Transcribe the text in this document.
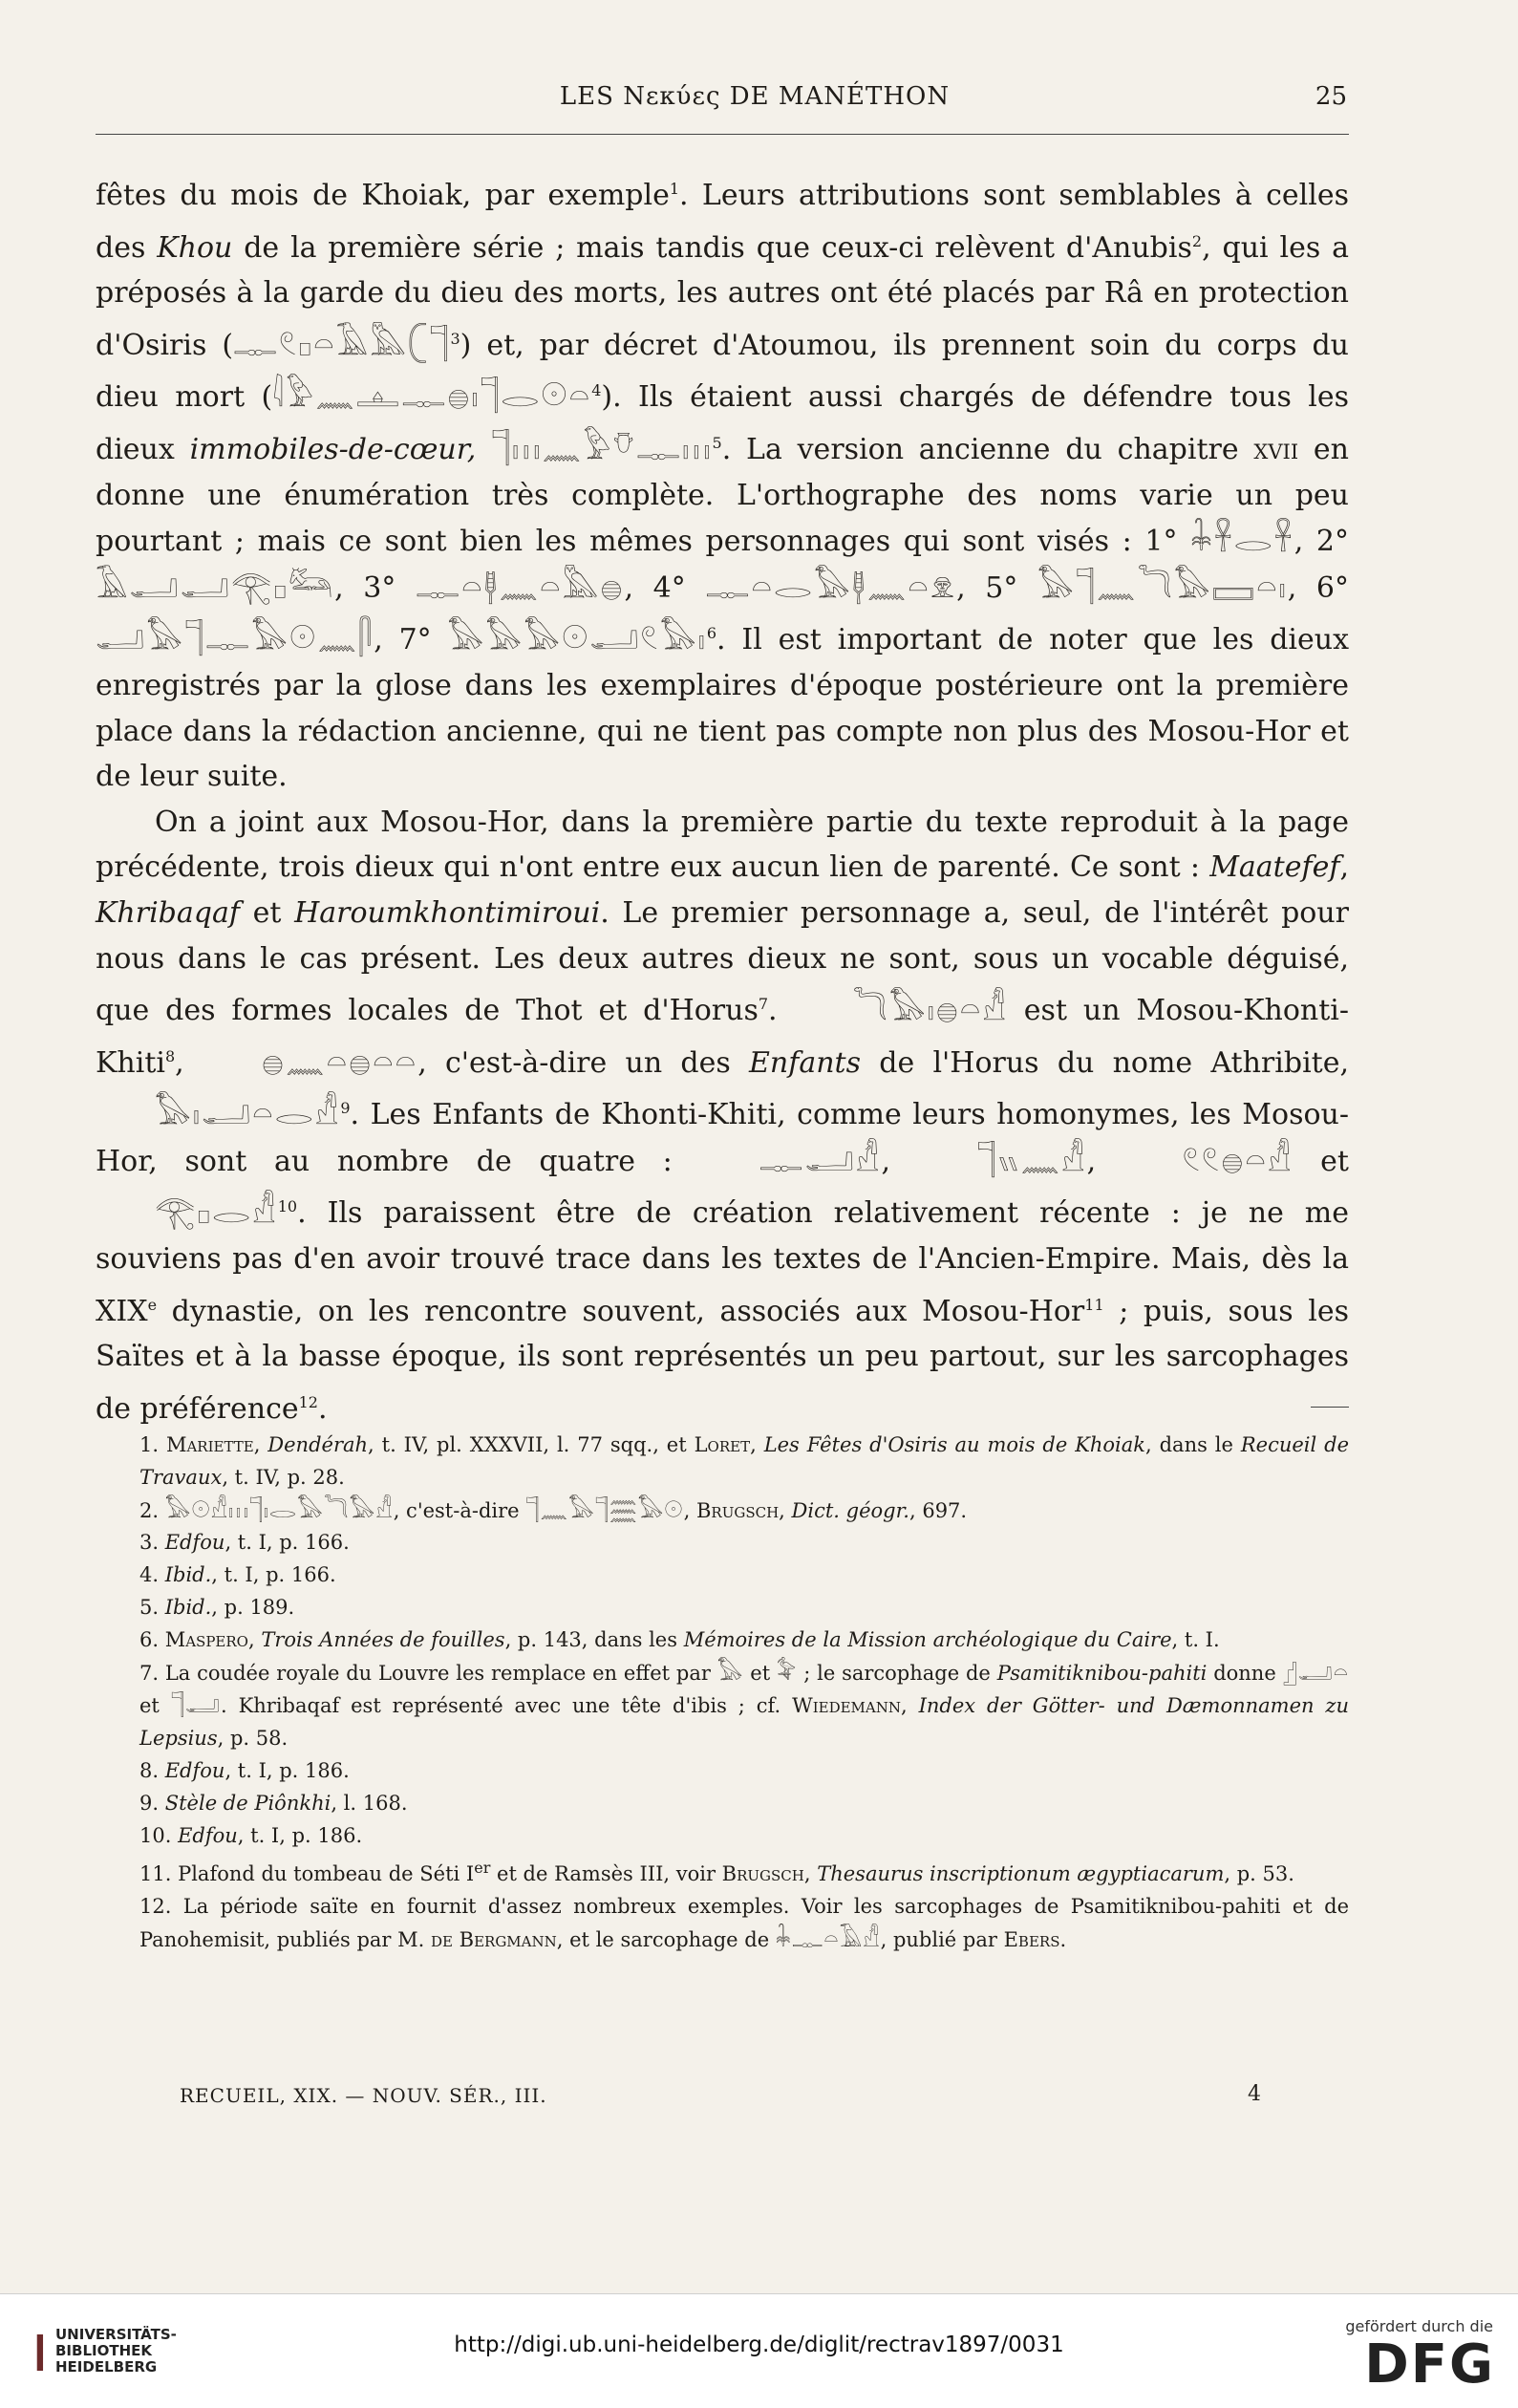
LES Νεκύες DE MANÉTHON	25

fêtes du mois de Khoiak, par exemple$^1$. Leurs attributions sont semblables à celles des Khou de la première série ; mais tandis que ceux-ci relèvent d'Anubis$^2$, qui les a préposés à la garde du dieu des morts, les autres ont été placés par Râ en protection d'Osiris (𓊃𓏲𓊪𓏏𓄿𓅓𓍹𓊹$^3$) et, par décret d'Atoumou, ils prennent soin du corps du dieu mort (𓇋𓅱𓈖𓊵𓊃𓐍𓏤𓊹𓂋𓇳𓏏$^4$). Ils étaient aussi chargés de défendre tous les dieux immobiles-de-cœur, 𓊹𓏥𓈖𓅱𓄣𓊃𓏥$^5$. La version ancienne du chapitre xvii en donne une énumération très complète. L'orthographe des noms varie un peu pourtant ; mais ce sont bien les mêmes personnages qui sont visés : 1° 𓇓𓋹𓂋𓋹, 2° 𓄿𓂝𓂝𓂀𓊪𓃛, 3° 𓊃𓏏𓊢𓈖𓏏𓅓𓐍, 4° 𓊃𓏏𓂋𓅃𓊢𓈖𓏏𓁷, 5° 𓅃𓊹𓈖𓆓𓅃𓈙𓏏𓏤, 6° 𓂝𓅃𓊹𓊃𓅃𓇳𓈖𓋴, 7° 𓅃𓅃𓅃𓇳𓂝𓏲𓅃𓏤$^6$. Il est important de noter que les dieux enregistrés par la glose dans les exemplaires d'époque postérieure ont la première place dans la rédaction ancienne, qui ne tient pas compte non plus des Mosou-Hor et de leur suite.

On a joint aux Mosou-Hor, dans la première partie du texte reproduit à la page précédente, trois dieux qui n'ont entre eux aucun lien de parenté. Ce sont : Maatefef, Khribaqaf et Haroumkhontimiroui. Le premier personnage a, seul, de l'intérêt pour nous dans le cas présent. Les deux autres dieux ne sont, sous un vocable déguisé, que des formes locales de Thot et d'Horus$^7$. 𓆓𓅃𓏤𓐍𓏏𓀭 est un Mosou-Khonti-Khiti$^8$, 𓐍𓈖𓏏𓐍𓏏𓏏, c'est-à-dire un des Enfants de l'Horus du nome Athribite, 𓅃𓏤𓂝𓏏𓂋𓀭$^9$. Les Enfants de Khonti-Khiti, comme leurs homonymes, les Mosou-Hor, sont au nombre de quatre : 𓊃𓂝𓀭, 𓊹𓏭𓈖𓀭, 𓏲𓏲𓐍𓏏𓀭 et 𓂀𓊪𓂋𓀭$^{10}$. Ils paraissent être de création relativement récente : je ne me souviens pas d'en avoir trouvé trace dans les textes de l'Ancien-Empire. Mais, dès la XIXe dynastie, on les rencontre souvent, associés aux Mosou-Hor$^{11}$ ; puis, sous les Saïtes et à la basse époque, ils sont représentés un peu partout, sur les sarcophages de préférence$^{12}$.

1. Mariette, Dendérah, t. IV, pl. XXXVII, l. 77 sqq., et Loret, Les Fêtes d'Osiris au mois de Khoiak, dans le Recueil de Travaux, t. IV, p. 28.

2. 𓅃𓇳𓀭𓏥𓊹𓏤𓂋𓅃𓆓𓅃𓀭, c'est-à-dire 𓊹𓈖𓅃𓊹𓈗𓅃𓇳, Brugsch, Dict. géogr., 697.

3. Edfou, t. I, p. 166.

4. Ibid., t. I, p. 166.

5. Ibid., p. 189.

6. Maspero, Trois Années de fouilles, p. 143, dans les Mémoires de la Mission archéologique du Caire, t. I.

7. La coudée royale du Louvre les remplace en effet par 𓅃 et 𓅝 ; le sarcophage de Psamitiknibou-pahiti donne 𓊨𓂝𓏏 et 𓊹𓂝. Khribaqaf est représenté avec une tête d'ibis ; cf. Wiedemann, Index der Götter- und Dæmonnamen zu Lepsius, p. 58.

8. Edfou, t. I, p. 186.

9. Stèle de Piônkhi, l. 168.

10. Edfou, t. I, p. 186.

11. Plafond du tombeau de Séti Ier et de Ramsès III, voir Brugsch, Thesaurus inscriptionum ægyptiacarum, p. 53.

12. La période saïte en fournit d'assez nombreux exemples. Voir les sarcophages de Psamitiknibou-pahiti et de Panohemisit, publiés par M. de Bergmann, et le sarcophage de 𓇓𓊃𓏏𓄿𓀭, publié par Ebers.

RECUEIL, XIX. — NOUV. SÉR., III.	4
❙ UNIVERSITÄTS-
BIBLIOTHEK
HEIDELBERG
http://digi.ub.uni-heidelberg.de/diglit/rectrav1897/0031
gefördert durch die
DFG
